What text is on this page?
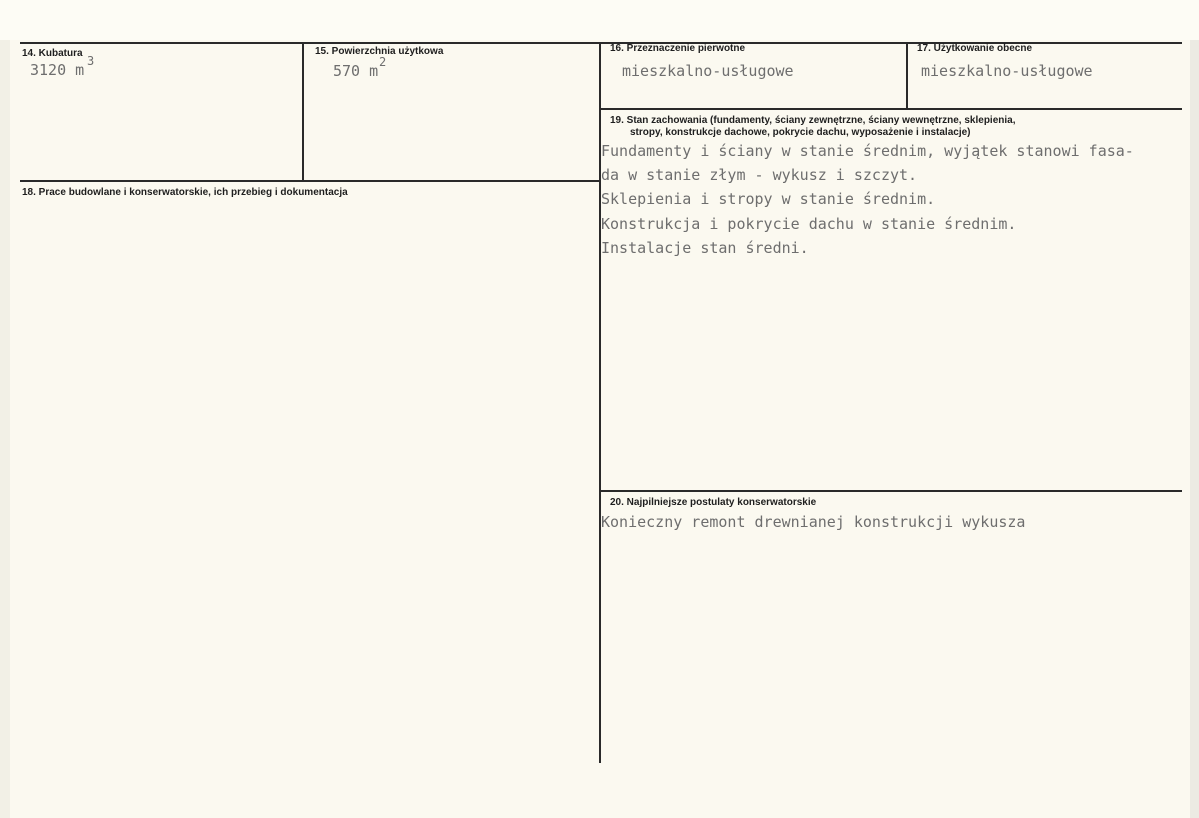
14. Kubatura
3120 m 3
15. Powierzchnia użytkowa
570 m 2
16. Przeznaczenie pierwotne
mieszkalno-usługowe
17. Użytkowanie obecne
mieszkalno-usługowe
18. Prace budowlane i konserwatorskie, ich przebieg i dokumentacja
19. Stan zachowania (fundamenty, ściany zewnętrzne, ściany wewnętrzne, sklepienia,
stropy, konstrukcje dachowe, pokrycie dachu, wyposażenie i instalacje)
Fundamenty i ściany w stanie średnim, wyjątek stanowi fasa-
da w stanie złym - wykusz i szczyt.
Sklepienia i stropy w stanie średnim.
Konstrukcja i pokrycie dachu w stanie średnim.
Instalacje stan średni.
20. Najpilniejsze postulaty konserwatorskie
Konieczny remont drewnianej konstrukcji wykusza
